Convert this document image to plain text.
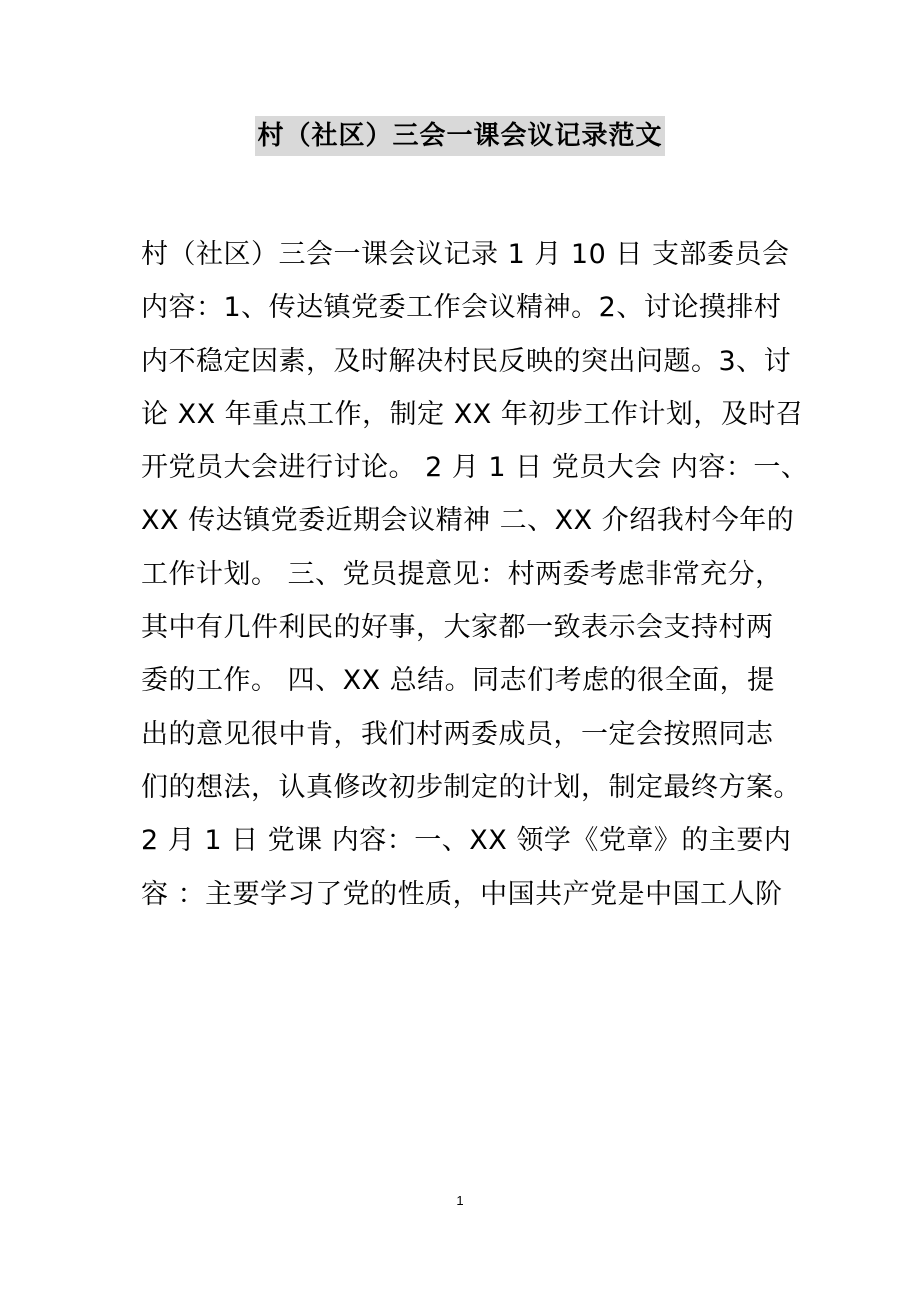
村（社区）三会一课会议记录范文
村（社区）三会一课会议记录 1 月 10 日 支部委员会
内容：1、传达镇党委工作会议精神。2、讨论摸排村
内不稳定因素，及时解决村民反映的突出问题。3、讨
论 XX 年重点工作，制定 XX 年初步工作计划，及时召
开党员大会进行讨论。 2 月 1 日 党员大会 内容：一、
XX 传达镇党委近期会议精神 二、XX 介绍我村今年的
工作计划。 三、党员提意见：村两委考虑非常充分，
其中有几件利民的好事，大家都一致表示会支持村两
委的工作。 四、XX 总结。同志们考虑的很全面，提
出的意见很中肯，我们村两委成员，一定会按照同志
们的想法，认真修改初步制定的计划，制定最终方案。
2 月 1 日 党课 内容：一、XX 领学《党章》的主要内
容 ：主要学习了党的性质，中国共产党是中国工人阶
1
